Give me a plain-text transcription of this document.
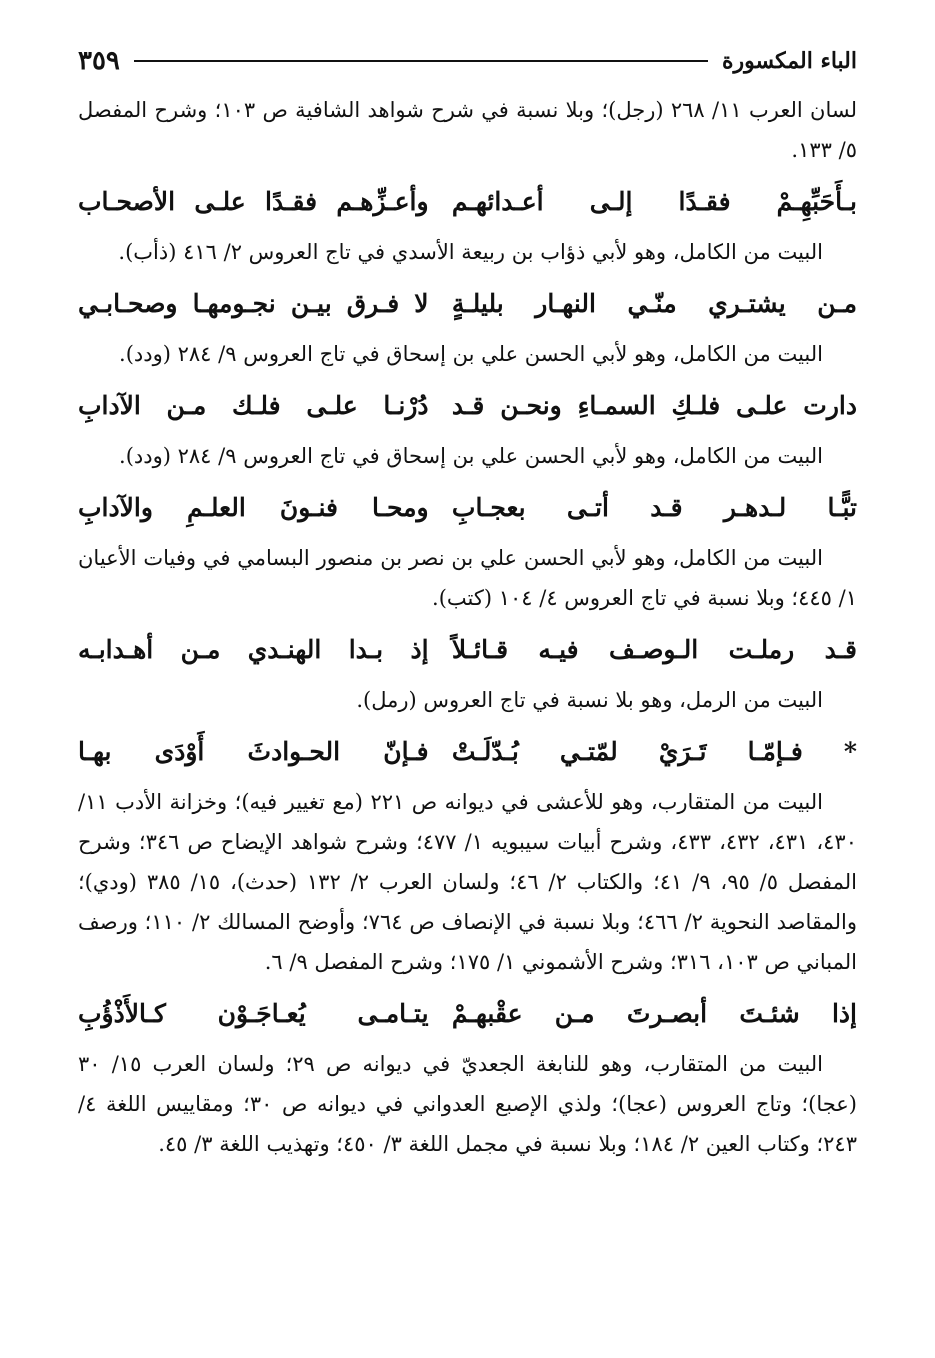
الباء المكسورة
٣٥٩

لسان العرب ١١/ ٢٦٨ (رجل)؛ وبلا نسبة في شرح شواهد الشافية ص ١٠٣؛ وشرح المفصل ٥/ ١٣٣.

بـأَحَبِّهِـمْ فقـدًا إلـى أعـدائهـم
وأعـزِّهـم فقـدًا علـى الأصحـاب

البيت من الكامل، وهو لأبي ذؤاب بن ربيعة الأسدي في تاج العروس ٢/ ٤١٦ (ذأب).

مـن يشتـري منّـي النهـار بليلـةٍ
لا فـرق بيـن نجـومهـا وصحـابـي

البيت من الكامل، وهو لأبي الحسن علي بن إسحاق في تاج العروس ٩/ ٢٨٤ (ودد).

دارت علـى فلـكِ السمـاءِ ونحـن قـد
دُرْنـا علـى فلـك مـن الآدابِ

البيت من الكامل، وهو لأبي الحسن علي بن إسحاق في تاج العروس ٩/ ٢٨٤ (ودد).

تبًّـا لـدهـر قـد أتـى بعجـابِ
ومحـا فنـونَ العلـمِ والآدابِ

البيت من الكامل، وهو لأبي الحسن علي بن نصر بن منصور البسامي في وفيات الأعيان ١/ ٤٤٥؛ وبلا نسبة في تاج العروس ٤/ ١٠٤ (كتب).

قـد رملـت الـوصـف فيـه قـائـلاً
إذ بـدا الهنـدي مـن أهـدابـه

البيت من الرمل، وهو بلا نسبة في تاج العروس (رمل).

* فـإمّـا تَـرَيْ لمّتـي بُـدّلَـتْ
فـإنّ الحـوادثَ أَوْدَى بهـا

البيت من المتقارب، وهو للأعشى في ديوانه ص ٢٢١ (مع تغيير فيه)؛ وخزانة الأدب ١١/ ٤٣٠، ٤٣١، ٤٣٢، ٤٣٣، وشرح أبيات سيبويه ١/ ٤٧٧؛ وشرح شواهد الإيضاح ص ٣٤٦؛ وشرح المفصل ٥/ ٩٥، ٩/ ٤١؛ والكتاب ٢/ ٤٦؛ ولسان العرب ٢/ ١٣٢ (حدث)، ١٥/ ٣٨٥ (ودي)؛ والمقاصد النحوية ٢/ ٤٦٦؛ وبلا نسبة في الإنصاف ص ٧٦٤؛ وأوضح المسالك ٢/ ١١٠؛ ورصف المباني ص ١٠٣، ٣١٦؛ وشرح الأشموني ١/ ١٧٥؛ وشرح المفصل ٩/ ٦.

إذا شئـتَ أبصـرتَ مـن عقْبهـمْ
يتـامـى يُعـاجَـوْن كـالأَذْؤُبِ

البيت من المتقارب، وهو للنابغة الجعديّ في ديوانه ص ٢٩؛ ولسان العرب ١٥/ ٣٠ (عجا)؛ وتاج العروس (عجا)؛ ولذي الإصبع العدواني في ديوانه ص ٣٠؛ ومقاييس اللغة ٤/ ٢٤٣؛ وكتاب العين ٢/ ١٨٤؛ وبلا نسبة في مجمل اللغة ٣/ ٤٥٠؛ وتهذيب اللغة ٣/ ٤٥.
